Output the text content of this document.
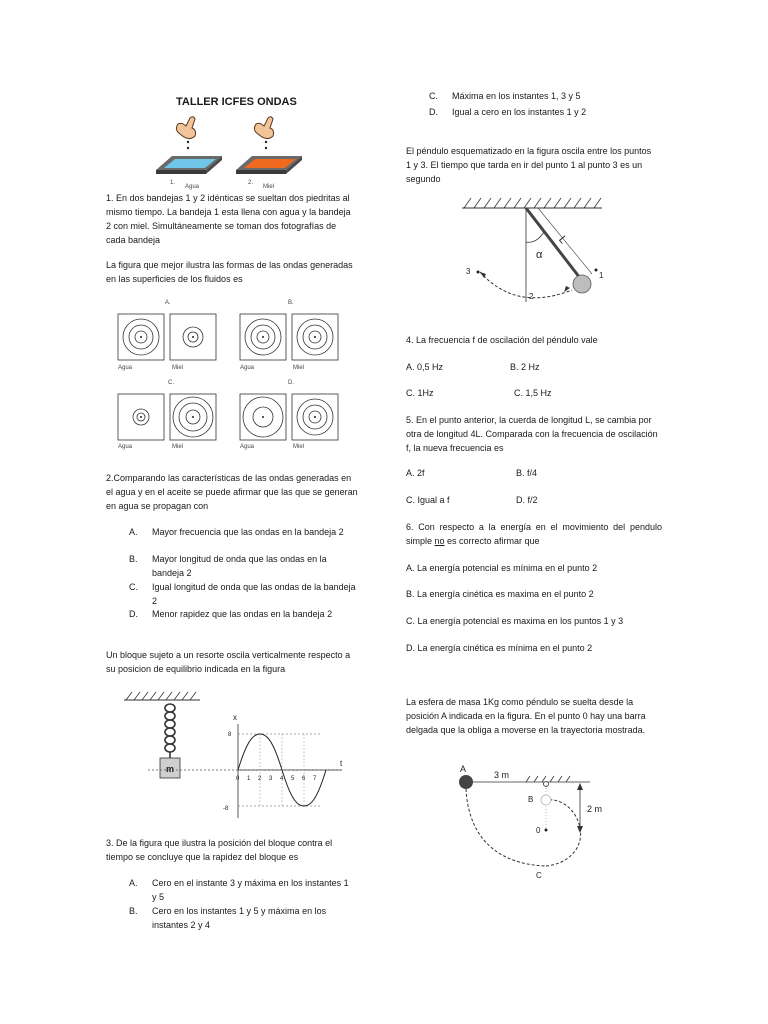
TALLER ICFES ONDAS
1.
Agua
2.
Miel
1. En dos bandejas 1 y 2 idénticas se sueltan dos piedritas al mismo tiempo. La bandeja 1 esta llena con agua y la bandeja 2 con miel. Simultáneamente se toman dos fotografías de cada bandeja
La figura que mejor ilustra las formas de las ondas generadas en las superficies de los fluidos es
A.	B.
C.	D.
Agua	Miel	Agua	Miel
Agua	Miel	Agua	Miel
2.Comparando las características de las ondas generadas en el agua y en el aceite se puede afirmar que las que se generan en agua se propagan con
A. Mayor frecuencia que las ondas en la bandeja 2
B. Mayor longitud de onda que las ondas en la bandeja 2
C. Igual longitud de onda que las ondas de la bandeja 2
D. Menor rapidez que las ondas en la bandeja 2
Un bloque sujeto a un resorte oscila verticalmente respecto a su posicion de equilibrio indicada en la figura
m
x
t
8
-8
0 1 2 3 4 5 6 7
3. De la figura que ilustra la posición del bloque contra el tiempo se concluye que la rapidez del bloque es
A. Cero en el instante 3 y máxima en los instantes 1 y 5
B. Cero en los instantes 1 y 5 y máxima en los instantes 2 y 4
C. Máxima en los instantes 1, 3 y 5
D. Igual a cero en los instantes 1 y 2
El péndulo esquematizado en la figura oscila entre los puntos 1 y 3. El tiempo que tarda en ir del punto 1 al punto 3 es un segundo
α
L
3	1
2
4. La frecuencia f de oscilación del péndulo vale
A. 0,5 Hz	B. 2 Hz
C. 1Hz	C. 1,5 Hz
5. En el punto anterior, la cuerda de longitud L, se cambia por otra de longitud 4L. Comparada con la frecuencia de oscilación f, la nueva frecuencia es
A. 2f	B. f/4
C. Igual a f	D. f/2
6. Con respecto a la energía en el movimiento del pendulo simple no es correcto afirmar que
A. La energía potencial es mínima en el punto 2
B. La energía cinética es maxima en el punto 2
C. La energía potencial es maxima en los puntos 1 y 3
D. La energía cinética es mínima en el punto 2
La esfera de masa 1Kg como péndulo se suelta desde la posición A indicada en la figura. En el punto 0 hay una barra delgada que la obliga a moverse en la trayectoria mostrada.
A
3 m
2 m
B
0
C
